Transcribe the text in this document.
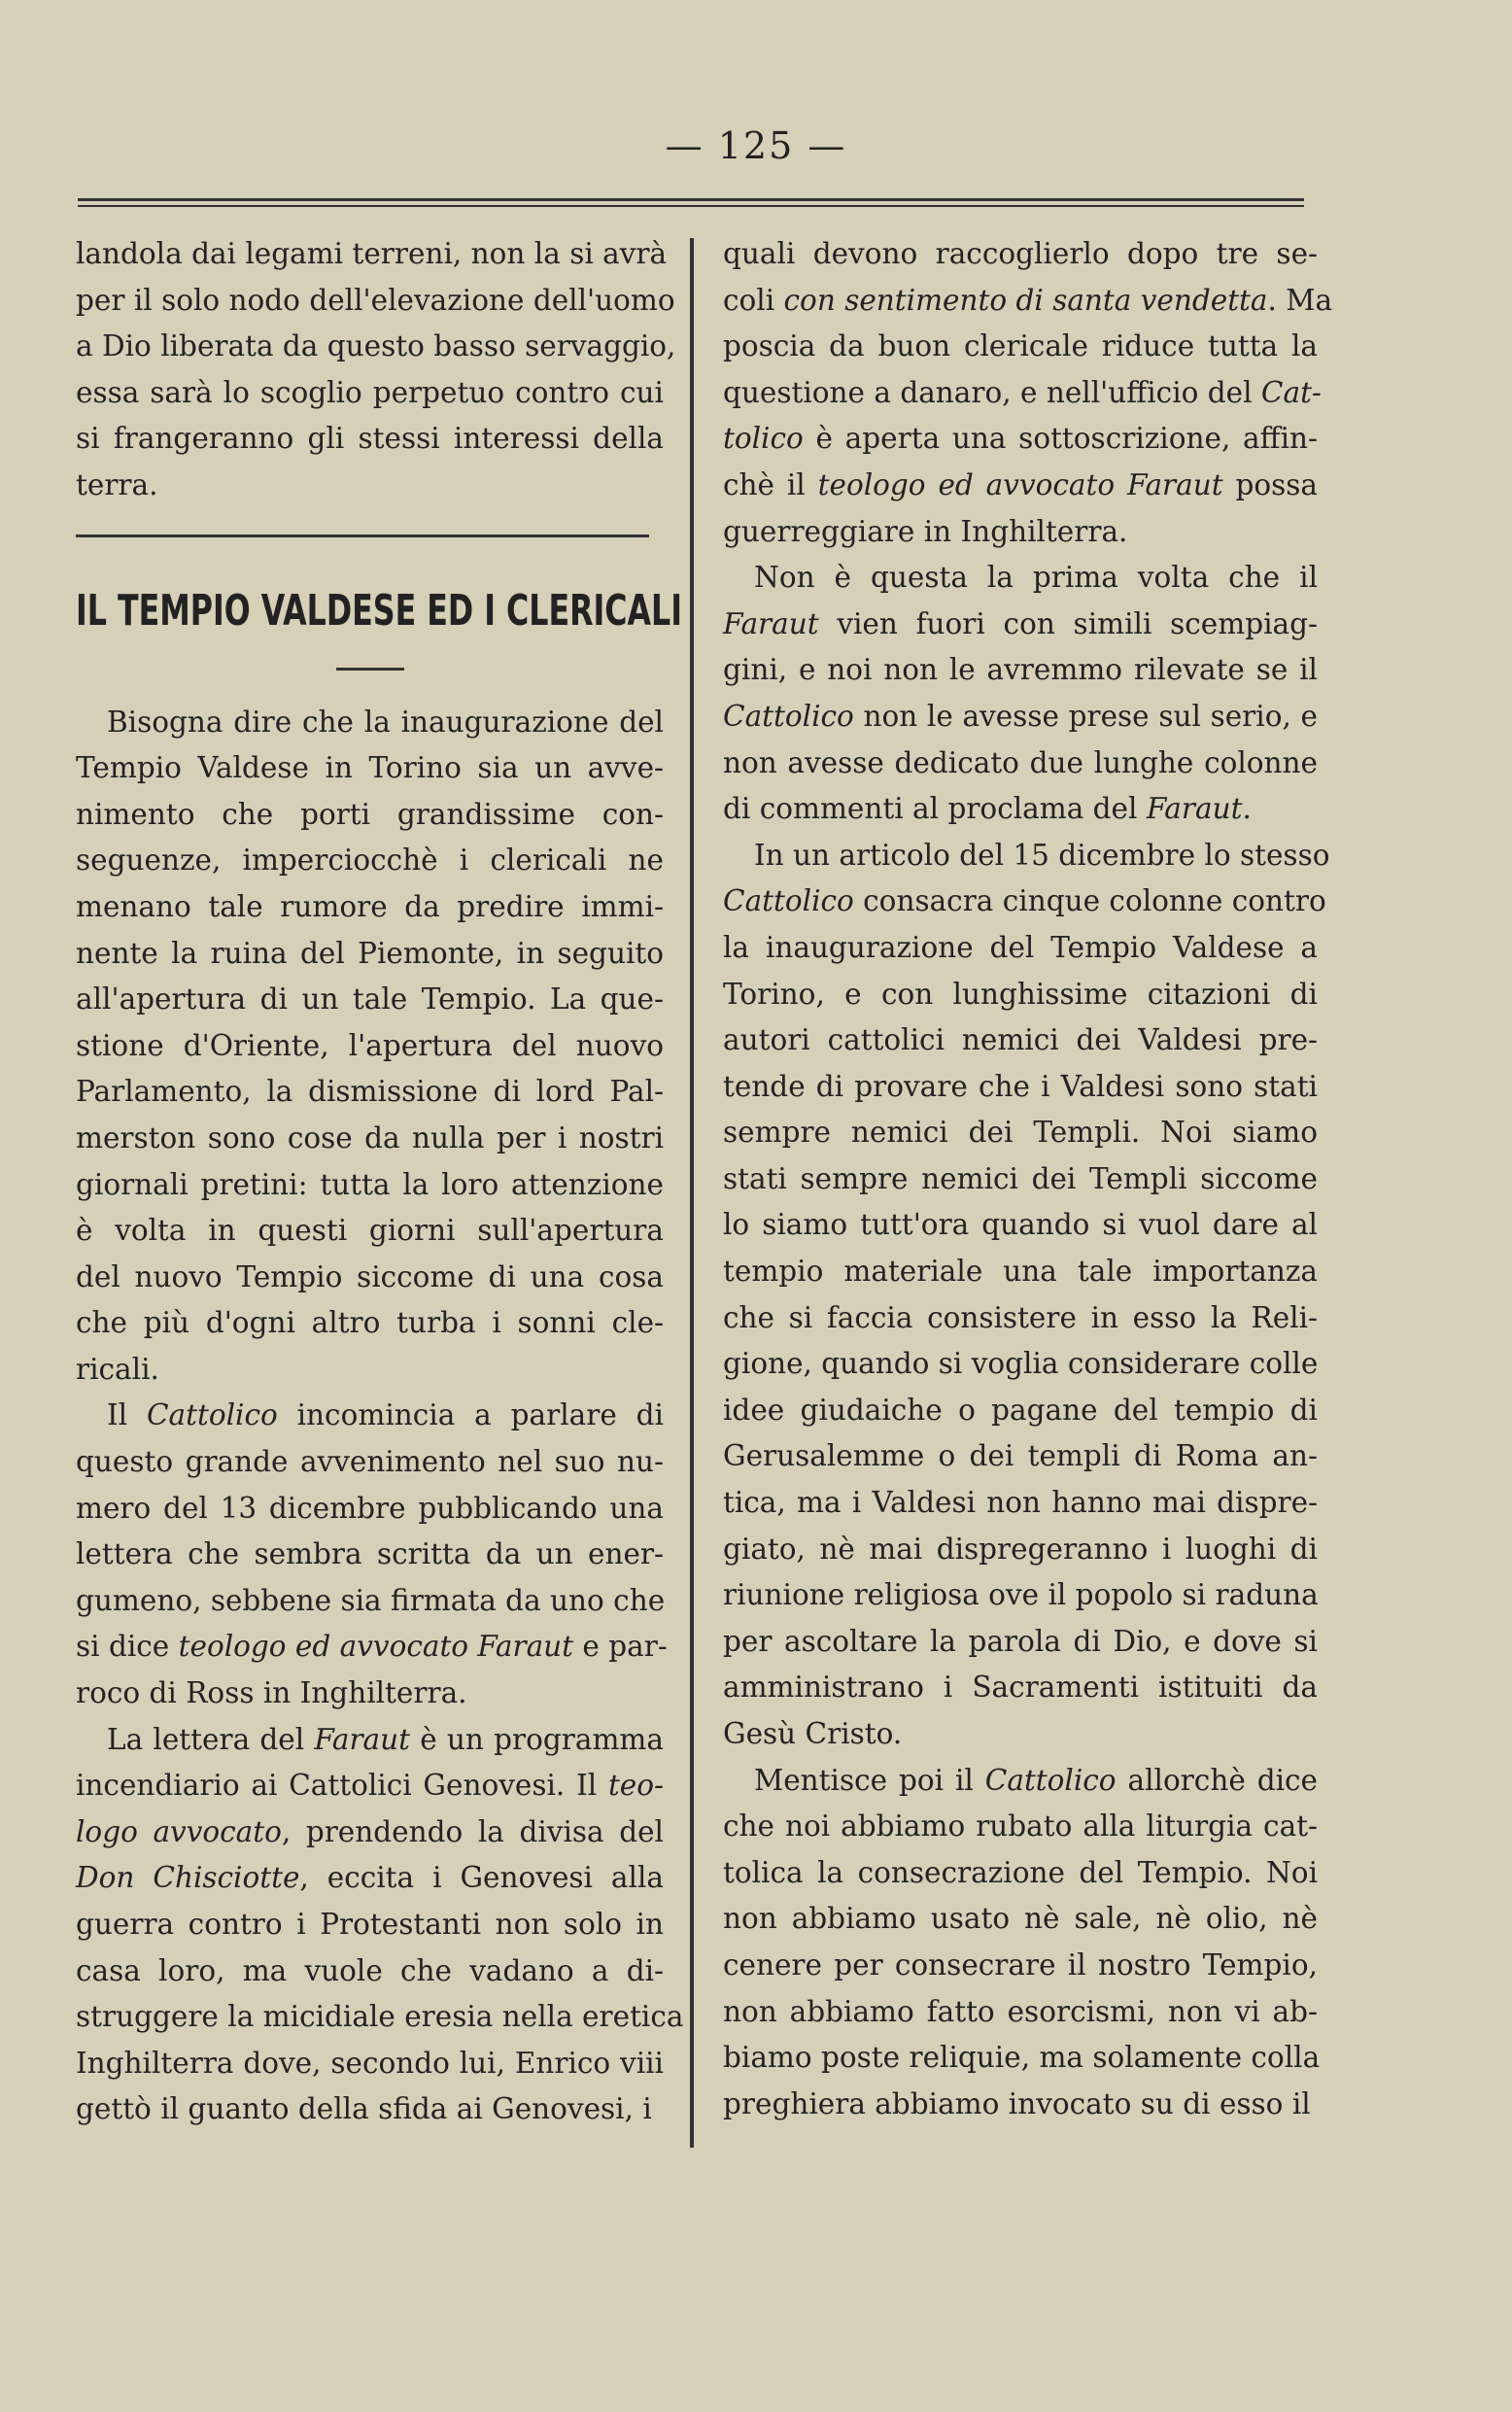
— 125 —

landola dai legami terreni, non la si avrà
per il solo nodo dell'elevazione dell'uomo
a Dio liberata da questo basso servaggio,
essa sarà lo scoglio perpetuo contro cui
si frangeranno gli stessi interessi della
terra.

IL TEMPIO VALDESE ED I CLERICALI

Bisogna dire che la inaugurazione del
Tempio Valdese in Torino sia un avve-
nimento che porti grandissime con-
seguenze, imperciocchè i clericali ne
menano tale rumore da predire immi-
nente la ruina del Piemonte, in seguito
all'apertura di un tale Tempio. La que-
stione d'Oriente, l'apertura del nuovo
Parlamento, la dismissione di lord Pal-
merston sono cose da nulla per i nostri
giornali pretini: tutta la loro attenzione
è volta in questi giorni sull'apertura
del nuovo Tempio siccome di una cosa
che più d'ogni altro turba i sonni cle-
ricali.

Il Cattolico incomincia a parlare di
questo grande avvenimento nel suo nu-
mero del 13 dicembre pubblicando una
lettera che sembra scritta da un ener-
gumeno, sebbene sia firmata da uno che
si dice teologo ed avvocato Faraut e par-
roco di Ross in Inghilterra.

La lettera del Faraut è un programma
incendiario ai Cattolici Genovesi. Il teo-
logo avvocato, prendendo la divisa del
Don Chisciotte, eccita i Genovesi alla
guerra contro i Protestanti non solo in
casa loro, ma vuole che vadano a di-
struggere la micidiale eresia nella eretica
Inghilterra dove, secondo lui, Enrico viii
gettò il guanto della sfida ai Genovesi, i

quali devono raccoglierlo dopo tre se-
coli con sentimento di santa vendetta. Ma
poscia da buon clericale riduce tutta la
questione a danaro, e nell'ufficio del Cat-
tolico è aperta una sottoscrizione, affin-
chè il teologo ed avvocato Faraut possa
guerreggiare in Inghilterra.

Non è questa la prima volta che il
Faraut vien fuori con simili scempiag-
gini, e noi non le avremmo rilevate se il
Cattolico non le avesse prese sul serio, e
non avesse dedicato due lunghe colonne
di commenti al proclama del Faraut.

In un articolo del 15 dicembre lo stesso
Cattolico consacra cinque colonne contro
la inaugurazione del Tempio Valdese a
Torino, e con lunghissime citazioni di
autori cattolici nemici dei Valdesi pre-
tende di provare che i Valdesi sono stati
sempre nemici dei Templi. Noi siamo
stati sempre nemici dei Templi siccome
lo siamo tutt'ora quando si vuol dare al
tempio materiale una tale importanza
che si faccia consistere in esso la Reli-
gione, quando si voglia considerare colle
idee giudaiche o pagane del tempio di
Gerusalemme o dei templi di Roma an-
tica, ma i Valdesi non hanno mai dispre-
giato, nè mai dispregeranno i luoghi di
riunione religiosa ove il popolo si raduna
per ascoltare la parola di Dio, e dove si
amministrano i Sacramenti istituiti da
Gesù Cristo.

Mentisce poi il Cattolico allorchè dice
che noi abbiamo rubato alla liturgia cat-
tolica la consecrazione del Tempio. Noi
non abbiamo usato nè sale, nè olio, nè
cenere per consecrare il nostro Tempio,
non abbiamo fatto esorcismi, non vi ab-
biamo poste reliquie, ma solamente colla
preghiera abbiamo invocato su di esso il
